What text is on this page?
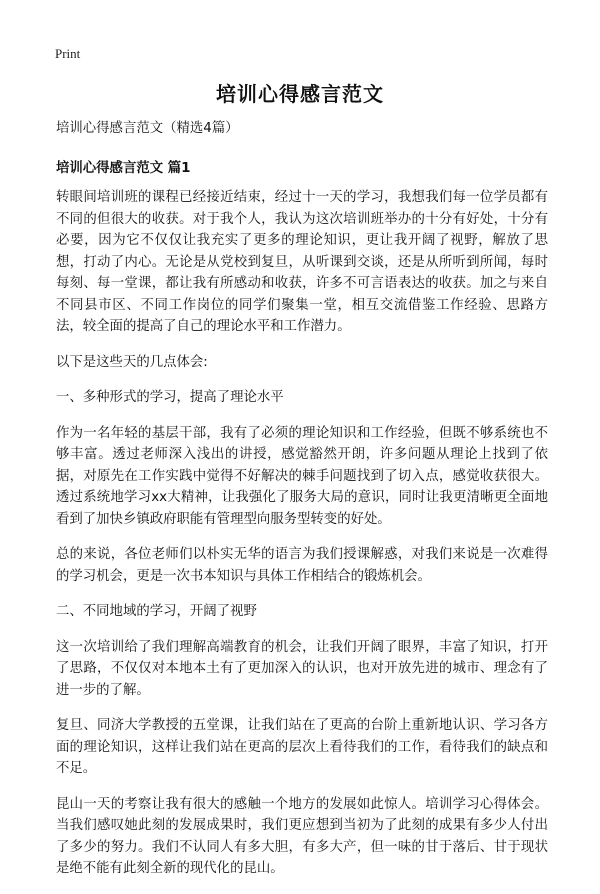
Print
培训心得感言范文

培训心得感言范文（精选4篇）

培训心得感言范文 篇1

转眼间培训班的课程已经接近结束，经过十一天的学习，我想我们每一位学员都有不同的但很大的收获。对于我个人，我认为这次培训班举办的十分有好处，十分有必要，因为它不仅仅让我充实了更多的理论知识，更让我开阔了视野，解放了思想，打动了内心。无论是从党校到复旦，从听课到交谈，还是从所听到所闻，每时每刻、每一堂课，都让我有所感动和收获，许多不可言语表达的收获。加之与来自不同县市区、不同工作岗位的同学们聚集一堂，相互交流借鉴工作经验、思路方法，较全面的提高了自己的理论水平和工作潜力。

以下是这些天的几点体会:

一、多种形式的学习，提高了理论水平

作为一名年轻的基层干部，我有了必须的理论知识和工作经验，但既不够系统也不够丰富。透过老师深入浅出的讲授，感觉豁然开朗，许多问题从理论上找到了依据，对原先在工作实践中觉得不好解决的棘手问题找到了切入点，感觉收获很大。透过系统地学习xx大精神，让我强化了服务大局的意识，同时让我更清晰更全面地看到了加快乡镇政府职能有管理型向服务型转变的好处。

总的来说，各位老师们以朴实无华的语言为我们授课解惑，对我们来说是一次难得的学习机会，更是一次书本知识与具体工作相结合的锻炼机会。

二、不同地域的学习，开阔了视野

这一次培训给了我们理解高端教育的机会，让我们开阔了眼界，丰富了知识，打开了思路，不仅仅对本地本土有了更加深入的认识，也对开放先进的城市、理念有了进一步的了解。

复旦、同济大学教授的五堂课，让我们站在了更高的台阶上重新地认识、学习各方面的理论知识，这样让我们站在更高的层次上看待我们的工作，看待我们的缺点和不足。

昆山一天的考察让我有很大的感触一个地方的发展如此惊人。培训学习心得体会。当我们感叹她此刻的发展成果时，我们更应想到当初为了此刻的成果有多少人付出了多少的努力。我们不认同人有多大胆，有多大产，但一味的甘于落后、甘于现状是绝不能有此刻全新的现代化的昆山。
